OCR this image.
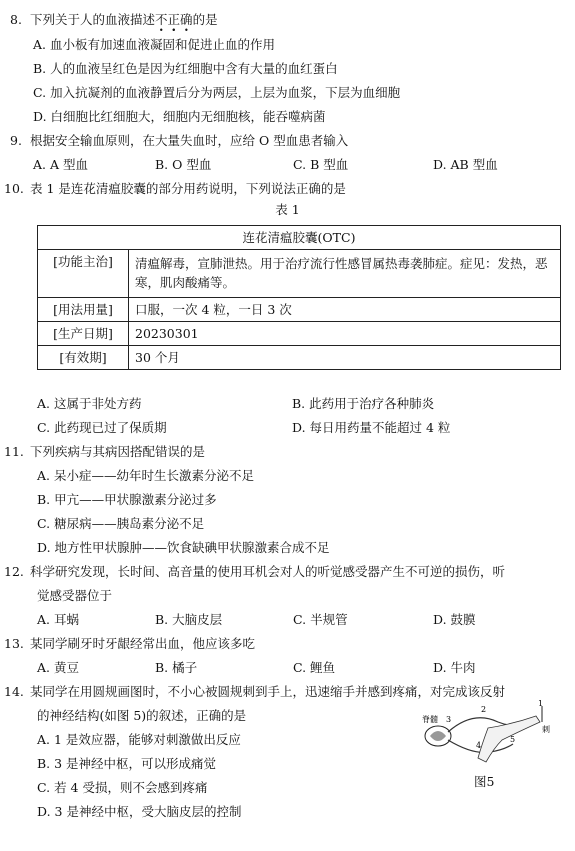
8. 下列关于人的血液描述不正确的是
A. 血小板有加速血液凝固和促进止血的作用
B. 人的血液呈红色是因为红细胞中含有大量的血红蛋白
C. 加入抗凝剂的血液静置后分为两层，上层为血浆，下层为血细胞
D. 白细胞比红细胞大，细胞内无细胞核，能吞噬病菌
9. 根据安全输血原则，在大量失血时，应给 O 型血患者输入
A. A 型血	B. O 型血	C. B 型血	D. AB 型血
10. 表 1 是连花清瘟胶囊的部分用药说明，下列说法正确的是
表 1
连花清瘟胶囊(OTC)	
[功能主治]	清瘟解毒，宣肺泄热。用于治疗流行性感冒属热毒袭肺症。症见：发热，恶寒，肌肉酸痛等。
[用法用量]	口服，一次 4 粒，一日 3 次
[生产日期]	20230301
[有效期]	30 个月
A. 这属于非处方药	B. 此药用于治疗各种肺炎
C. 此药现已过了保质期	D. 每日用药量不能超过 4 粒
11. 下列疾病与其病因搭配错误的是
A. 呆小症——幼年时生长激素分泌不足
B. 甲亢——甲状腺激素分泌过多
C. 糖尿病——胰岛素分泌不足
D. 地方性甲状腺肿——饮食缺碘甲状腺激素合成不足
12. 科学研究发现，长时间、高音量的使用耳机会对人的听觉感受器产生不可逆的损伤，听
觉感受器位于
A. 耳蜗	B. 大脑皮层	C. 半规管	D. 鼓膜
13. 某同学刷牙时牙龈经常出血，他应该多吃
A. 黄豆	B. 橘子	C. 鲤鱼	D. 牛肉
14. 某同学在用圆规画图时，不小心被圆规刺到手上，迅速缩手并感到疼痛，对完成该反射
的神经结构(如图 5)的叙述，正确的是
A. 1 是效应器，能够对刺激做出反应
B. 3 是神经中枢，可以形成痛觉
C. 若 4 受损，则不会感到疼痛
D. 3 是神经中枢，受大脑皮层的控制
脊髓 3
2
1
4
5
刺
图5
